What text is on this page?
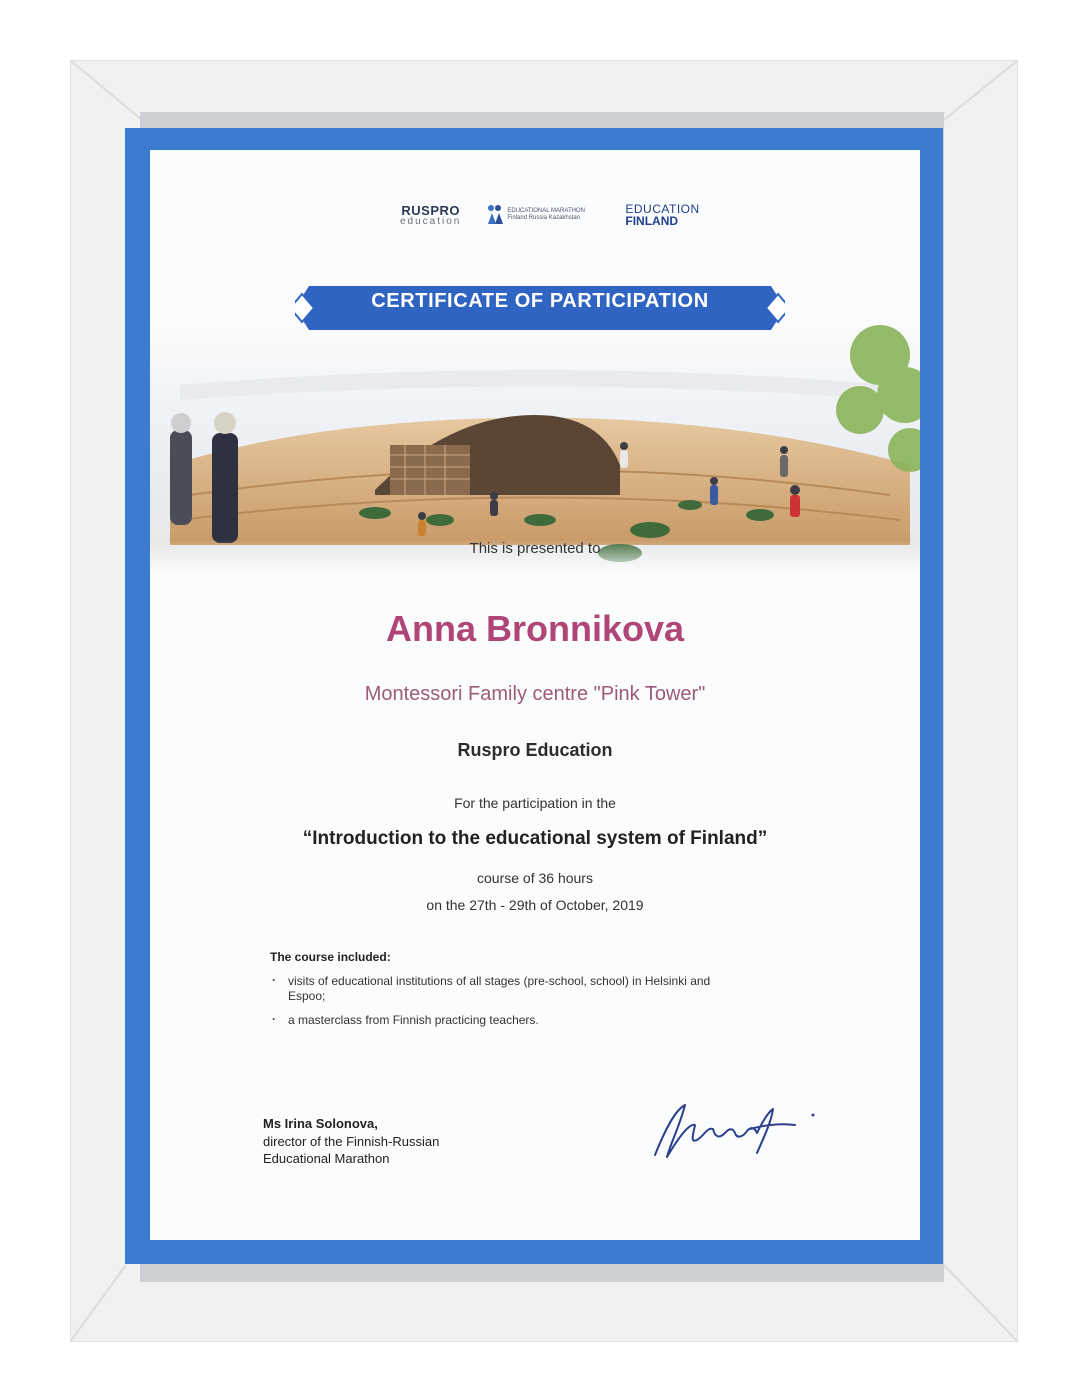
RUSPRO
education
EDUCATIONAL MARATHON Finland Russia Kazakhstan
EDUCATION
FINLAND
CERTIFICATE OF PARTICIPATION
This is presented to
Anna Bronnikova
Montessori Family centre "Pink Tower"
Ruspro Education
For the participation in the
“Introduction to the educational system of Finland”
course of 36 hours
on the 27th - 29th of October, 2019
The course included:
· visits of educational institutions of all stages (pre-school, school) in Helsinki and Espoo;
· a masterclass from Finnish practicing teachers.
Ms Irina Solonova,
director of the Finnish-Russian
Educational Marathon
